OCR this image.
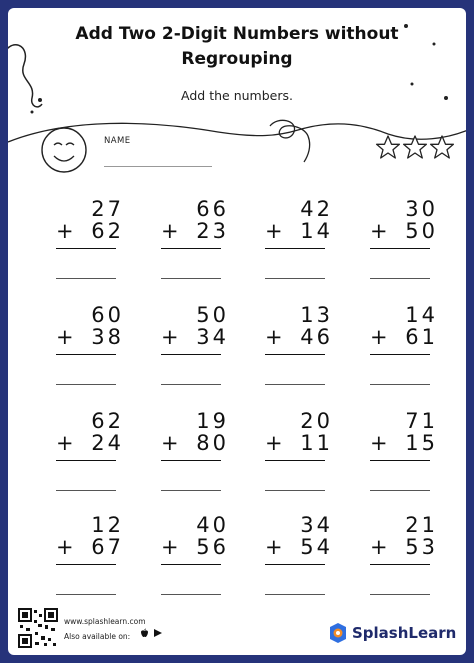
Add Two 2-Digit Numbers without
Regrouping
Add the numbers.
NAME
27
+ 62
66
+ 23
42
+ 14
30
+ 50
60
+ 38
50
+ 34
13
+ 46
14
+ 61
62
+ 24
19
+ 80
20
+ 11
71
+ 15
12
+ 67
40
+ 56
34
+ 54
21
+ 53
www.splashlearn.com
Also available on:	SplashLearn
